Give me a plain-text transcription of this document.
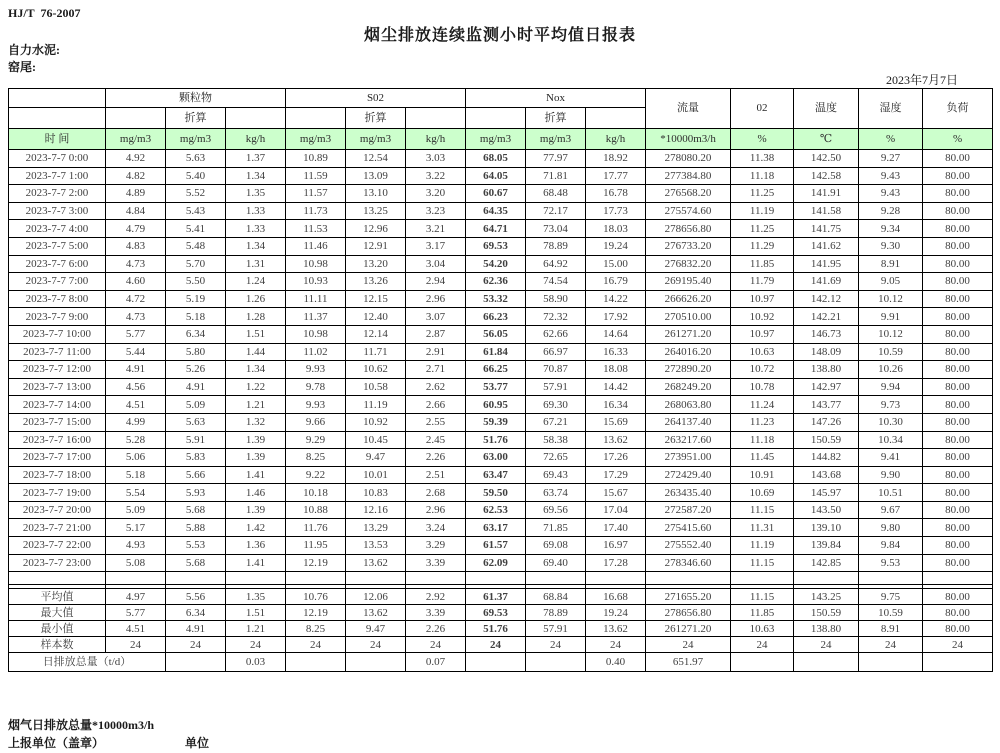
HJ/T  76-2007
烟尘排放连续监测小时平均值日报表
自力水泥:
窑尾:
2023年7月7日
	颗粒物			S02			Nox			流量	02	温度	湿度	负荷
		折算			折算			折算						
时 间	mg/m3	mg/m3	kg/h	mg/m3	mg/m3	kg/h	mg/m3	mg/m3	kg/h	*10000m3/h	%	℃	%	%
2023-7-7 0:00	4.92	5.63	1.37	10.89	12.54	3.03	68.05	77.97	18.92	278080.20	11.38	142.50	9.27	80.00
2023-7-7 1:00	4.82	5.40	1.34	11.59	13.09	3.22	64.05	71.81	17.77	277384.80	11.18	142.58	9.43	80.00
2023-7-7 2:00	4.89	5.52	1.35	11.57	13.10	3.20	60.67	68.48	16.78	276568.20	11.25	141.91	9.43	80.00
2023-7-7 3:00	4.84	5.43	1.33	11.73	13.25	3.23	64.35	72.17	17.73	275574.60	11.19	141.58	9.28	80.00
2023-7-7 4:00	4.79	5.41	1.33	11.53	12.96	3.21	64.71	73.04	18.03	278656.80	11.25	141.75	9.34	80.00
2023-7-7 5:00	4.83	5.48	1.34	11.46	12.91	3.17	69.53	78.89	19.24	276733.20	11.29	141.62	9.30	80.00
2023-7-7 6:00	4.73	5.70	1.31	10.98	13.20	3.04	54.20	64.92	15.00	276832.20	11.85	141.95	8.91	80.00
2023-7-7 7:00	4.60	5.50	1.24	10.93	13.26	2.94	62.36	74.54	16.79	269195.40	11.79	141.69	9.05	80.00
2023-7-7 8:00	4.72	5.19	1.26	11.11	12.15	2.96	53.32	58.90	14.22	266626.20	10.97	142.12	10.12	80.00
2023-7-7 9:00	4.73	5.18	1.28	11.37	12.40	3.07	66.23	72.32	17.92	270510.00	10.92	142.21	9.91	80.00
2023-7-7 10:00	5.77	6.34	1.51	10.98	12.14	2.87	56.05	62.66	14.64	261271.20	10.97	146.73	10.12	80.00
2023-7-7 11:00	5.44	5.80	1.44	11.02	11.71	2.91	61.84	66.97	16.33	264016.20	10.63	148.09	10.59	80.00
2023-7-7 12:00	4.91	5.26	1.34	9.93	10.62	2.71	66.25	70.87	18.08	272890.20	10.72	138.80	10.26	80.00
2023-7-7 13:00	4.56	4.91	1.22	9.78	10.58	2.62	53.77	57.91	14.42	268249.20	10.78	142.97	9.94	80.00
2023-7-7 14:00	4.51	5.09	1.21	9.93	11.19	2.66	60.95	69.30	16.34	268063.80	11.24	143.77	9.73	80.00
2023-7-7 15:00	4.99	5.63	1.32	9.66	10.92	2.55	59.39	67.21	15.69	264137.40	11.23	147.26	10.30	80.00
2023-7-7 16:00	5.28	5.91	1.39	9.29	10.45	2.45	51.76	58.38	13.62	263217.60	11.18	150.59	10.34	80.00
2023-7-7 17:00	5.06	5.83	1.39	8.25	9.47	2.26	63.00	72.65	17.26	273951.00	11.45	144.82	9.41	80.00
2023-7-7 18:00	5.18	5.66	1.41	9.22	10.01	2.51	63.47	69.43	17.29	272429.40	10.91	143.68	9.90	80.00
2023-7-7 19:00	5.54	5.93	1.46	10.18	10.83	2.68	59.50	63.74	15.67	263435.40	10.69	145.97	10.51	80.00
2023-7-7 20:00	5.09	5.68	1.39	10.88	12.16	2.96	62.53	69.56	17.04	272587.20	11.15	143.50	9.67	80.00
2023-7-7 21:00	5.17	5.88	1.42	11.76	13.29	3.24	63.17	71.85	17.40	275415.60	11.31	139.10	9.80	80.00
2023-7-7 22:00	4.93	5.53	1.36	11.95	13.53	3.29	61.57	69.08	16.97	275552.40	11.19	139.84	9.84	80.00
2023-7-7 23:00	5.08	5.68	1.41	12.19	13.62	3.39	62.09	69.40	17.28	278346.60	11.15	142.85	9.53	80.00

平均值	4.97	5.56	1.35	10.76	12.06	2.92	61.37	68.84	16.68	271655.20	11.15	143.25	9.75	80.00
最大值	5.77	6.34	1.51	12.19	13.62	3.39	69.53	78.89	19.24	278656.80	11.85	150.59	10.59	80.00
最小值	4.51	4.91	1.21	8.25	9.47	2.26	51.76	57.91	13.62	261271.20	10.63	138.80	8.91	80.00
样本数	24	24	24	24	24	24	24	24	24	24	24	24	24	24
日排放总量（t/d）			0.03			0.07			0.40	651.97				
烟气日排放总量*10000m3/h
上报单位（盖章）	单位
